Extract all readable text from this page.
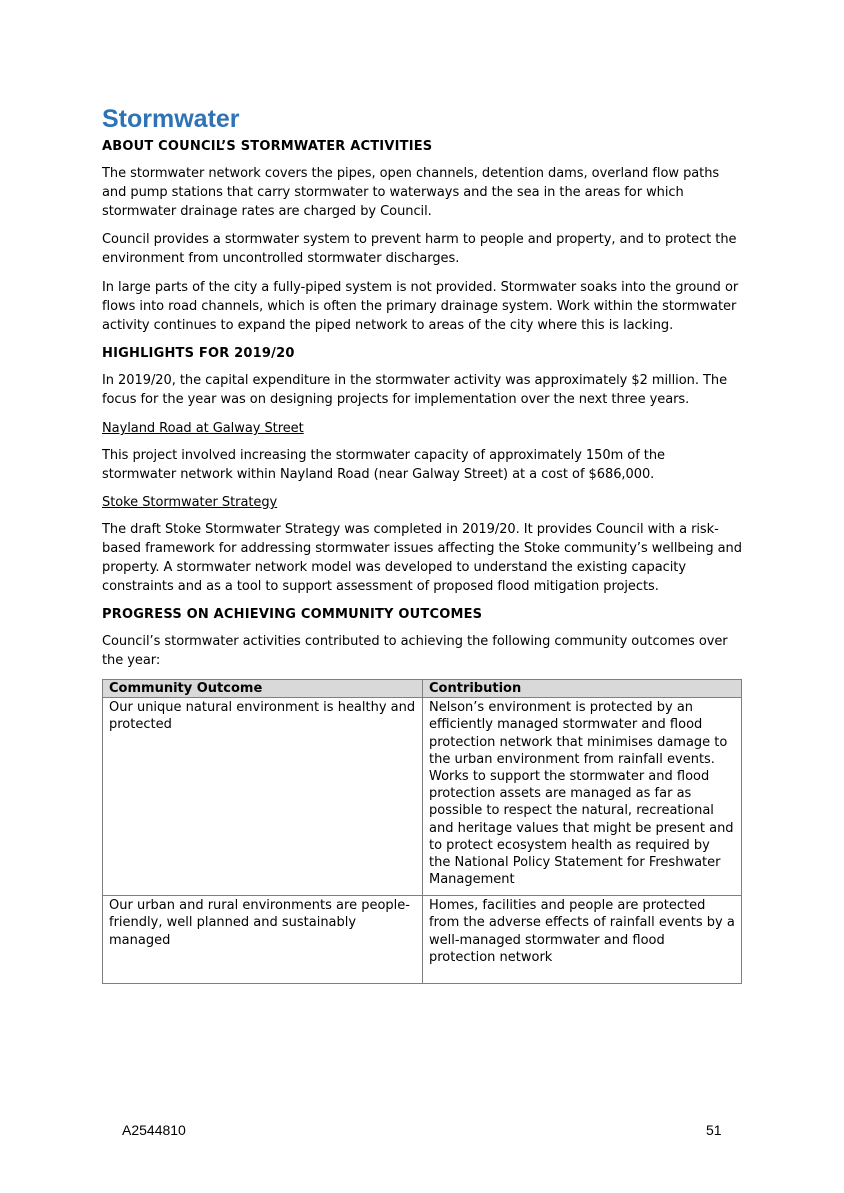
Stormwater
ABOUT COUNCIL’S STORMWATER ACTIVITIES

The stormwater network covers the pipes, open channels, detention dams, overland flow paths and pump stations that carry stormwater to waterways and the sea in the areas for which stormwater drainage rates are charged by Council.

Council provides a stormwater system to prevent harm to people and property, and to protect the environment from uncontrolled stormwater discharges.

In large parts of the city a fully-piped system is not provided. Stormwater soaks into the ground or flows into road channels, which is often the primary drainage system. Work within the stormwater activity continues to expand the piped network to areas of the city where this is lacking.

HIGHLIGHTS FOR 2019/20

In 2019/20, the capital expenditure in the stormwater activity was approximately $2 million. The focus for the year was on designing projects for implementation over the next three years.

Nayland Road at Galway Street

This project involved increasing the stormwater capacity of approximately 150m of the stormwater network within Nayland Road (near Galway Street) at a cost of $686,000.

Stoke Stormwater Strategy

The draft Stoke Stormwater Strategy was completed in 2019/20. It provides Council with a risk-based framework for addressing stormwater issues affecting the Stoke community’s wellbeing and property. A stormwater network model was developed to understand the existing capacity constraints and as a tool to support assessment of proposed flood mitigation projects.

PROGRESS ON ACHIEVING COMMUNITY OUTCOMES

Council’s stormwater activities contributed to achieving the following community outcomes over the year:

Community Outcome	Contribution
Our unique natural environment is healthy and protected	Nelson’s environment is protected by an efficiently managed stormwater and flood protection network that minimises damage to the urban environment from rainfall events. Works to support the stormwater and flood protection assets are managed as far as possible to respect the natural, recreational and heritage values that might be present and to protect ecosystem health as required by the National Policy Statement for Freshwater Management
Our urban and rural environments are people-friendly, well planned and sustainably managed	Homes, facilities and people are protected from the adverse effects of rainfall events by a well-managed stormwater and flood protection network
A2544810	51
